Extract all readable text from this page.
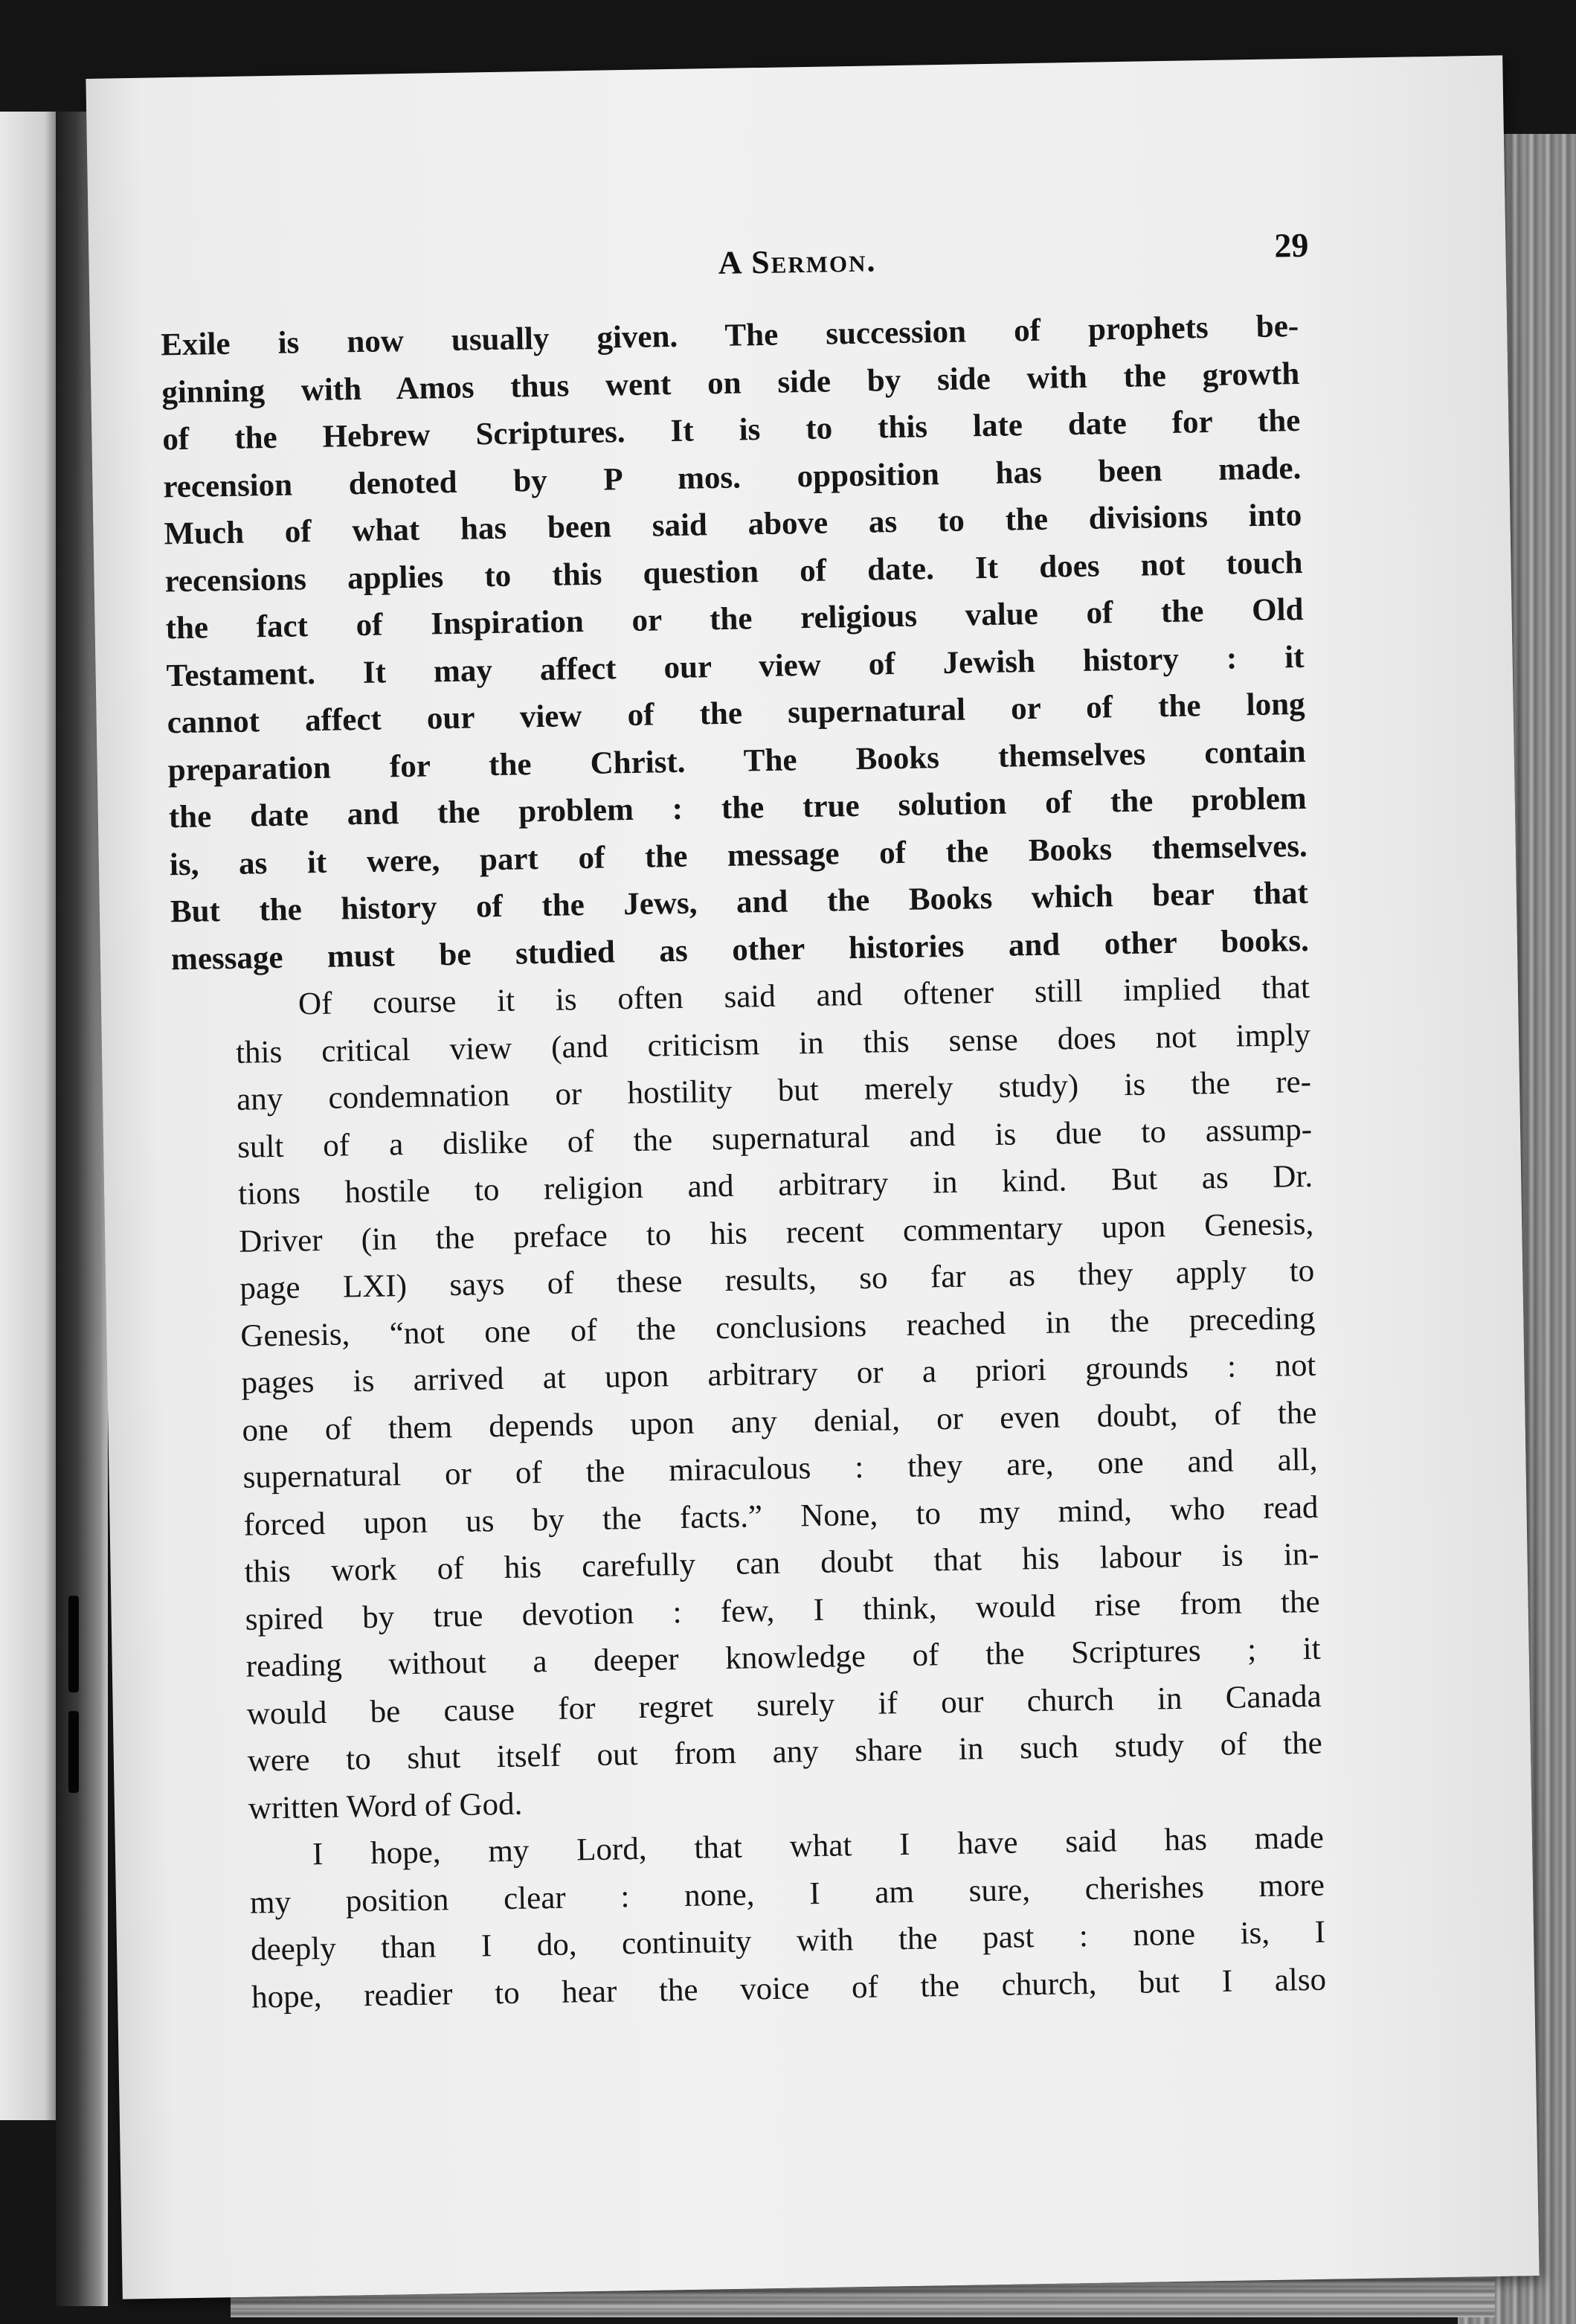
A Sermon.	29
Exile is now usually given. The succession of prophets be-
ginning with Amos thus went on side by side with the growth
of the Hebrew Scriptures. It is to this late date for the
recension denoted by P mos. opposition has been made.
Much of what has been said above as to the divisions into
recensions applies to this question of date. It does not touch
the fact of Inspiration or the religious value of the Old
Testament. It may affect our view of Jewish history : it
cannot affect our view of the supernatural or of the long
preparation for the Christ. The Books themselves contain
the date and the problem : the true solution of the problem
is, as it were, part of the message of the Books themselves.
But the history of the Jews, and the Books which bear that
message must be studied as other histories and other books.
Of course it is often said and oftener still implied that
this critical view (and criticism in this sense does not imply
any condemnation or hostility but merely study) is the re-
sult of a dislike of the supernatural and is due to assump-
tions hostile to religion and arbitrary in kind. But as Dr.
Driver (in the preface to his recent commentary upon Genesis,
page LXI) says of these results, so far as they apply to
Genesis, “not one of the conclusions reached in the preceding
pages is arrived at upon arbitrary or a priori grounds : not
one of them depends upon any denial, or even doubt, of the
supernatural or of the miraculous : they are, one and all,
forced upon us by the facts.” None, to my mind, who read
this work of his carefully can doubt that his labour is in-
spired by true devotion : few, I think, would rise from the
reading without a deeper knowledge of the Scriptures ; it
would be cause for regret surely if our church in Canada
were to shut itself out from any share in such study of the
written Word of God.
I hope, my Lord, that what I have said has made
my position clear : none, I am sure, cherishes more
deeply than I do, continuity with the past : none is, I
hope, readier to hear the voice of the church, but I also
